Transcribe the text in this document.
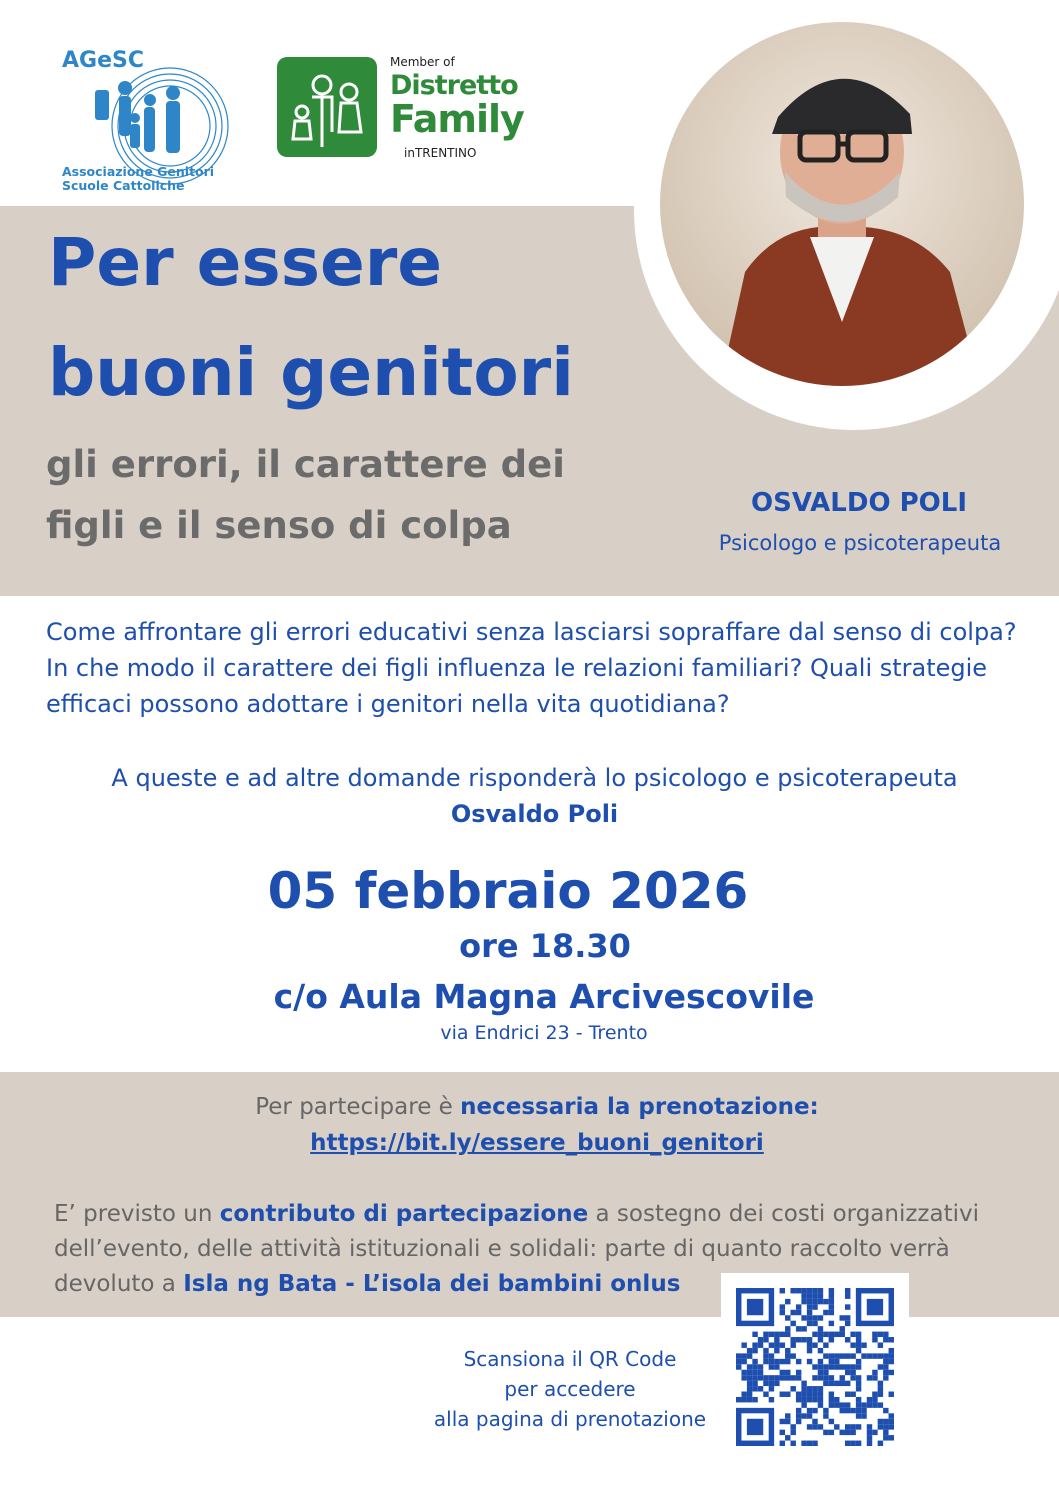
AGeSC
Associazione Genitori
Scuole Cattoliche
Member of
Distretto
Family
inTRENTINO
Per essere
buoni genitori
gli errori, il carattere dei
figli e il senso di colpa
OSVALDO POLI
Psicologo e psicoterapeuta
Come affrontare gli errori educativi senza lasciarsi sopraffare dal senso di colpa? In che modo il carattere dei figli influenza le relazioni familiari? Quali strategie efficaci possono adottare i genitori nella vita quotidiana?
A queste e ad altre domande risponderà lo psicologo e psicoterapeuta
Osvaldo Poli
05 febbraio 2026
ore 18.30
c/o Aula Magna Arcivescovile
via Endrici 23 - Trento
Per partecipare è necessaria la prenotazione:
https://bit.ly/essere_buoni_genitori
E’ previsto un contributo di partecipazione a sostegno dei costi organizzativi dell’evento, delle attività istituzionali e solidali: parte di quanto raccolto verrà devoluto a Isla ng Bata - L’isola dei bambini onlus
Scansiona il QR Code
per accedere
alla pagina di prenotazione
